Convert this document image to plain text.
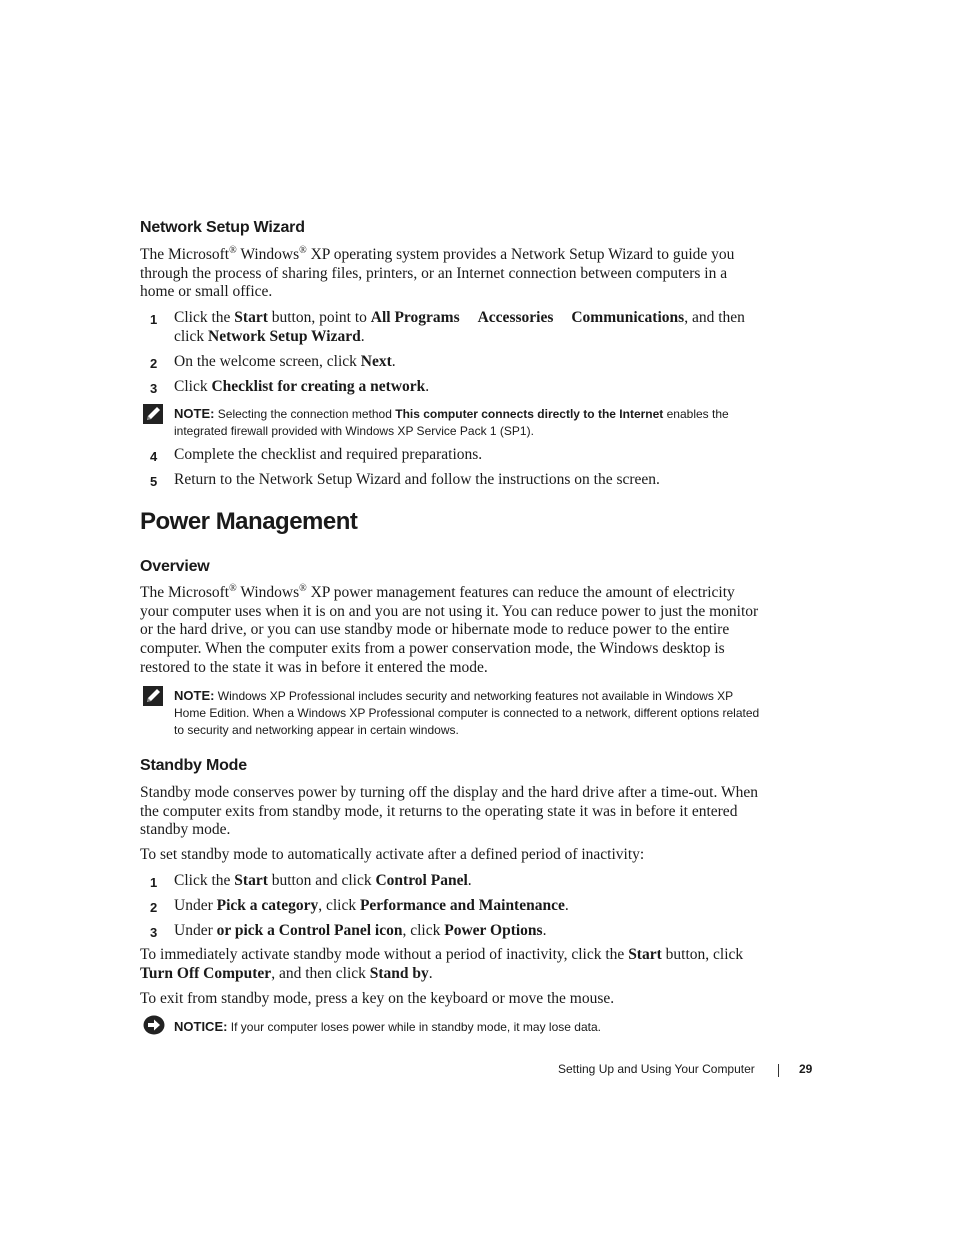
Network Setup Wizard

The Microsoft® Windows® XP operating system provides a Network Setup Wizard to guide you through the process of sharing files, printers, or an Internet connection between computers in a home or small office.

1 Click the Start button, point to All Programs Accessories Communications, and then click Network Setup Wizard.
2 On the welcome screen, click Next.
3 Click Checklist for creating a network.
NOTE: Selecting the connection method This computer connects directly to the Internet enables the integrated firewall provided with Windows XP Service Pack 1 (SP1).
4 Complete the checklist and required preparations.
5 Return to the Network Setup Wizard and follow the instructions on the screen.
Power Management
Overview

The Microsoft® Windows® XP power management features can reduce the amount of electricity your computer uses when it is on and you are not using it. You can reduce power to just the monitor or the hard drive, or you can use standby mode or hibernate mode to reduce power to the entire computer. When the computer exits from a power conservation mode, the Windows desktop is restored to the state it was in before it entered the mode.

NOTE: Windows XP Professional includes security and networking features not available in Windows XP Home Edition. When a Windows XP Professional computer is connected to a network, different options related to security and networking appear in certain windows.
Standby Mode

Standby mode conserves power by turning off the display and the hard drive after a time-out. When the computer exits from standby mode, it returns to the operating state it was in before it entered standby mode.

To set standby mode to automatically activate after a defined period of inactivity:

1 Click the Start button and click Control Panel.
2 Under Pick a category, click Performance and Maintenance.
3 Under or pick a Control Panel icon, click Power Options.

To immediately activate standby mode without a period of inactivity, click the Start button, click Turn Off Computer, and then click Stand by.

To exit from standby mode, press a key on the keyboard or move the mouse.

NOTICE: If your computer loses power while in standby mode, it may lose data.
Setting Up and Using Your Computer	29
